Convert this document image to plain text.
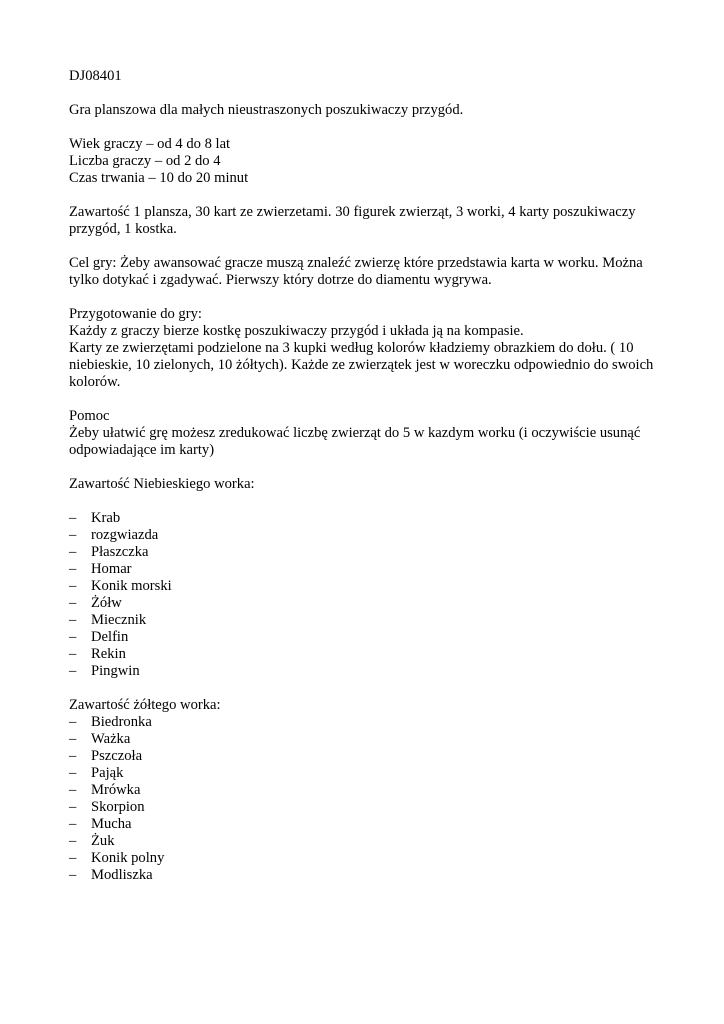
DJ08401

Gra planszowa dla małych nieustraszonych poszukiwaczy przygód.

Wiek graczy – od 4 do 8 lat
Liczba graczy – od 2 do 4
Czas trwania – 10 do 20 minut

Zawartość 1 plansza, 30 kart ze zwierzetami. 30 figurek zwierząt, 3 worki, 4 karty poszukiwaczy przygód, 1 kostka.

Cel gry: Żeby awansować gracze muszą znaleźć zwierzę które przedstawia karta w worku. Można tylko dotykać i zgadywać. Pierwszy który dotrze do diamentu wygrywa.

Przygotowanie do gry:
Każdy z graczy bierze kostkę poszukiwaczy przygód i układa ją na kompasie.
Karty ze zwierzętami podzielone na 3 kupki według kolorów kładziemy obrazkiem do dołu. ( 10 niebieskie, 10 zielonych, 10 żółtych). Każde ze zwierzątek jest w woreczku odpowiednio do swoich kolorów.

Pomoc
Żeby ułatwić grę możesz zredukować liczbę zwierząt do 5 w kazdym worku (i oczywiście usunąć odpowiadające im karty)

Zawartość Niebieskiego worka:

–	Krab
–	rozgwiazda
–	Płaszczka
–	Homar
–	Konik morski
–	Żółw
–	Miecznik
–	Delfin
–	Rekin
–	Pingwin

Zawartość żółtego worka:

–	Biedronka
–	Ważka
–	Pszczoła
–	Pająk
–	Mrówka
–	Skorpion
–	Mucha
–	Żuk
–	Konik polny
–	Modliszka
